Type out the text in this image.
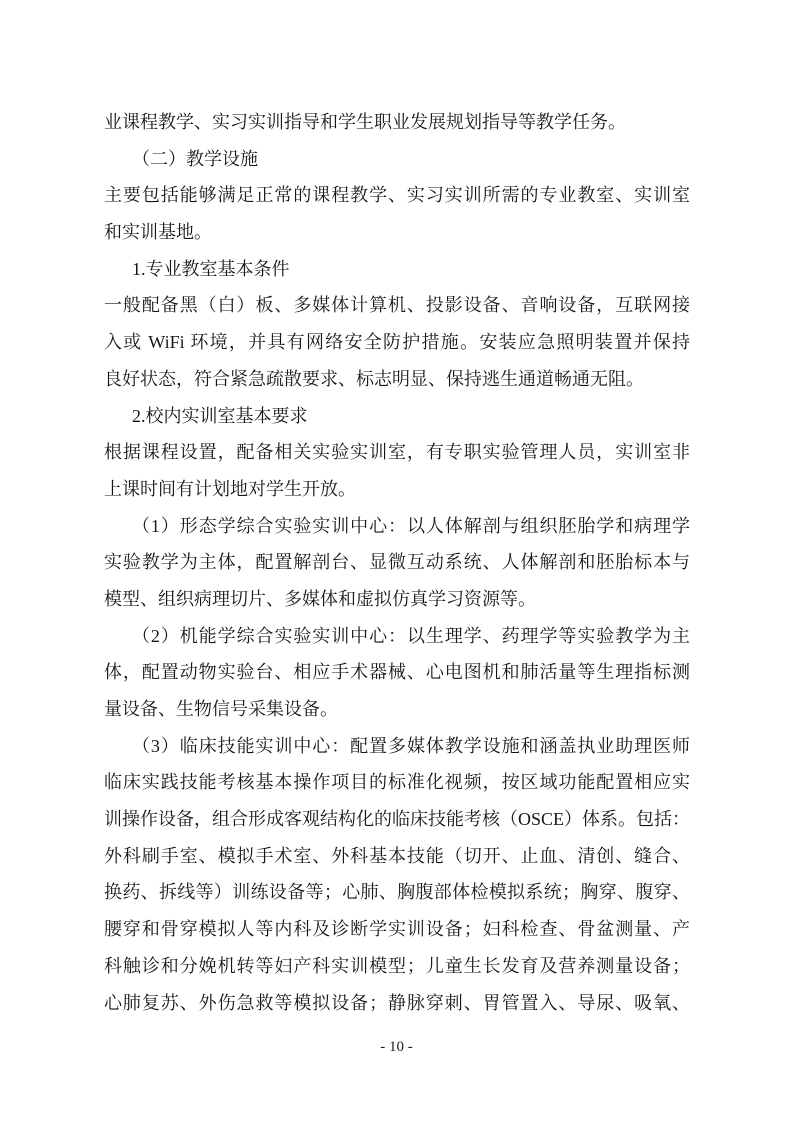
业课程教学、实习实训指导和学生职业发展规划指导等教学任务。
（二）教学设施
主要包括能够满足正常的课程教学、实习实训所需的专业教室、实训室
和实训基地。
1.专业教室基本条件
一般配备黑（白）板、多媒体计算机、投影设备、音响设备，互联网接
入或 WiFi 环境，并具有网络安全防护措施。安装应急照明装置并保持
良好状态，符合紧急疏散要求、标志明显、保持逃生通道畅通无阻。
2.校内实训室基本要求
根据课程设置，配备相关实验实训室，有专职实验管理人员，实训室非
上课时间有计划地对学生开放。
（1）形态学综合实验实训中心：以人体解剖与组织胚胎学和病理学
实验教学为主体，配置解剖台、显微互动系统、人体解剖和胚胎标本与
模型、组织病理切片、多媒体和虚拟仿真学习资源等。
（2）机能学综合实验实训中心：以生理学、药理学等实验教学为主
体，配置动物实验台、相应手术器械、心电图机和肺活量等生理指标测
量设备、生物信号采集设备。
（3）临床技能实训中心：配置多媒体教学设施和涵盖执业助理医师
临床实践技能考核基本操作项目的标准化视频，按区域功能配置相应实
训操作设备，组合形成客观结构化的临床技能考核（OSCE）体系。包括：
外科刷手室、模拟手术室、外科基本技能（切开、止血、清创、缝合、
换药、拆线等）训练设备等；心肺、胸腹部体检模拟系统；胸穿、腹穿、
腰穿和骨穿模拟人等内科及诊断学实训设备；妇科检查、骨盆测量、产
科触诊和分娩机转等妇产科实训模型；儿童生长发育及营养测量设备；
心肺复苏、外伤急救等模拟设备；静脉穿刺、胃管置入、导尿、吸氧、
- 10 -
